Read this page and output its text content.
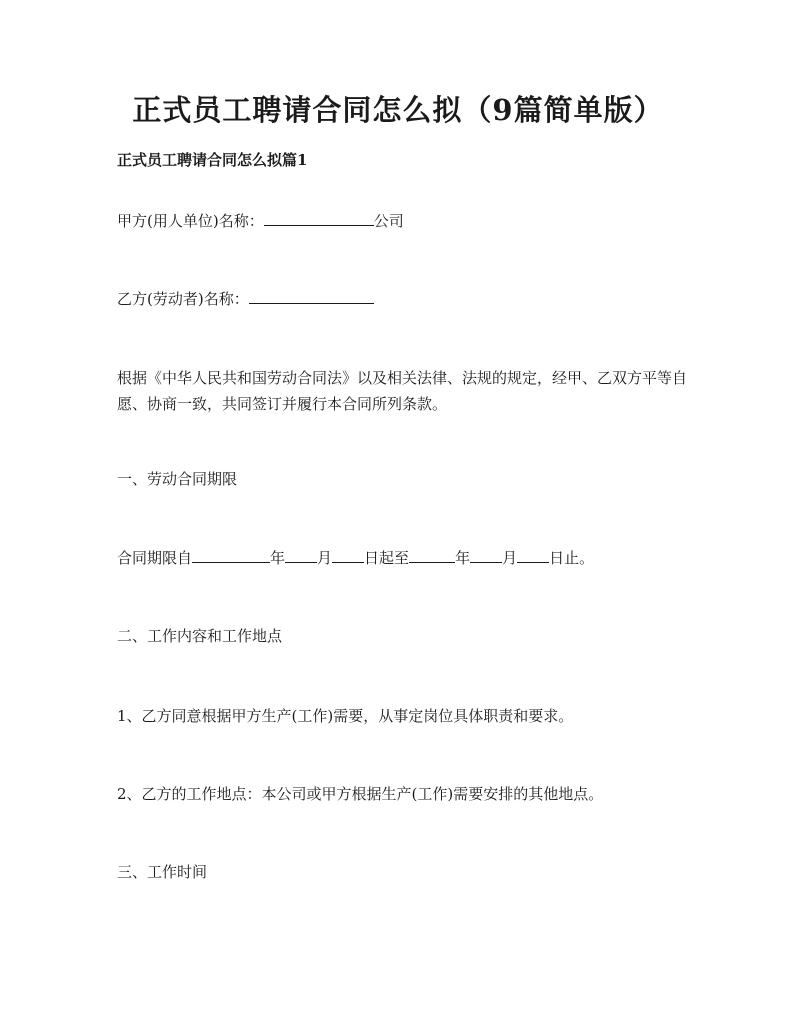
正式员工聘请合同怎么拟（9篇简单版）

正式员工聘请合同怎么拟篇1

甲方(用人单位)名称：	公司

乙方(劳动者)名称：

根据《中华人民共和国劳动合同法》以及相关法律、法规的规定，经甲、乙双方平等自愿、协商一致，共同签订并履行本合同所列条款。

一、劳动合同期限

合同期限自	年 月 日起至	年 月 日止。

二、工作内容和工作地点

1、乙方同意根据甲方生产(工作)需要，从事定岗位具体职责和要求。

2、乙方的工作地点：本公司或甲方根据生产(工作)需要安排的其他地点。

三、工作时间
